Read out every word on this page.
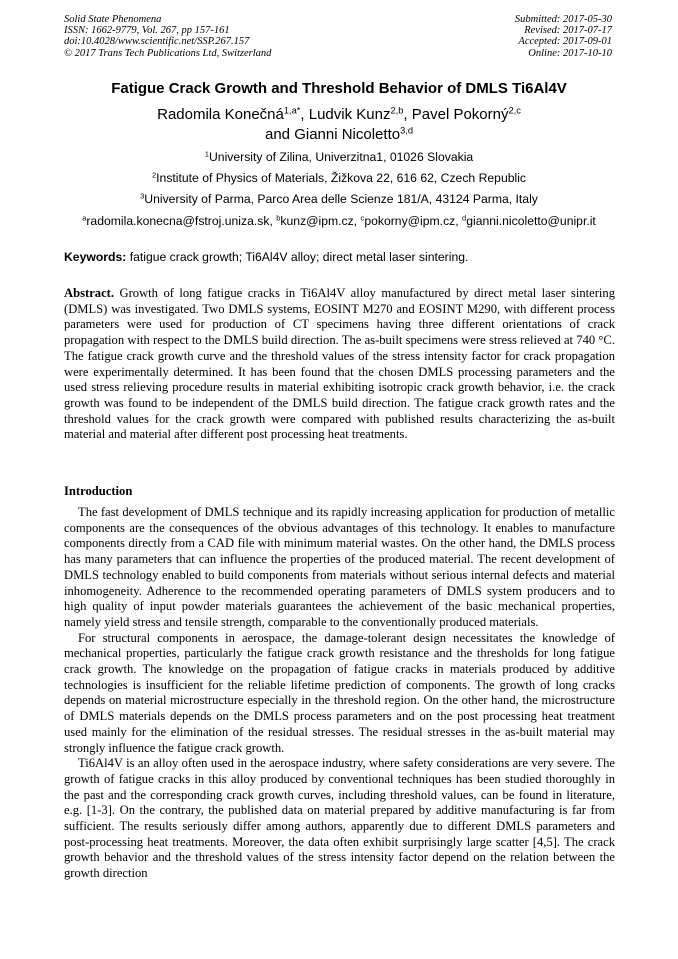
Solid State Phenomena
ISSN: 1662-9779, Vol. 267, pp 157-161
doi:10.4028/www.scientific.net/SSP.267.157
© 2017 Trans Tech Publications Ltd, Switzerland
Submitted: 2017-05-30
Revised: 2017-07-17
Accepted: 2017-09-01
Online: 2017-10-10
Fatigue Crack Growth and Threshold Behavior of DMLS Ti6Al4V
Radomila Konečná$^{1,a*}$, Ludvik Kunz$^{2,b}$, Pavel Pokorný$^{2,c}$
and Gianni Nicoletto$^{3,d}$
$^1$University of Zilina, Univerzitna1, 01026 Slovakia
$^2$Institute of Physics of Materials, Žižkova 22, 616 62, Czech Republic
$^3$University of Parma, Parco Area delle Scienze 181/A, 43124 Parma, Italy
$^a$radomila.konecna@fstroj.uniza.sk, $^b$kunz@ipm.cz, $^c$pokorny@ipm.cz, $^d$gianni.nicoletto@unipr.it
Keywords: fatigue crack growth; Ti6Al4V alloy; direct metal laser sintering.
Abstract. Growth of long fatigue cracks in Ti6Al4V alloy manufactured by direct metal laser sintering (DMLS) was investigated. Two DMLS systems, EOSINT M270 and EOSINT M290, with different process parameters were used for production of CT specimens having three different orientations of crack propagation with respect to the DMLS build direction. The as-built specimens were stress relieved at 740 °C. The fatigue crack growth curve and the threshold values of the stress intensity factor for crack propagation were experimentally determined. It has been found that the chosen DMLS processing parameters and the used stress relieving procedure results in material exhibiting isotropic crack growth behavior, i.e. the crack growth was found to be independent of the DMLS build direction. The fatigue crack growth rates and the threshold values for the crack growth were compared with published results characterizing the as-built material and material after different post processing heat treatments.
Introduction

The fast development of DMLS technique and its rapidly increasing application for production of metallic components are the consequences of the obvious advantages of this technology. It enables to manufacture components directly from a CAD file with minimum material wastes. On the other hand, the DMLS process has many parameters that can influence the properties of the produced material. The recent development of DMLS technology enabled to build components from materials without serious internal defects and material inhomogeneity. Adherence to the recommended operating parameters of DMLS system producers and to high quality of input powder materials guarantees the achievement of the basic mechanical properties, namely yield stress and tensile strength, comparable to the conventionally produced materials.

For structural components in aerospace, the damage-tolerant design necessitates the knowledge of mechanical properties, particularly the fatigue crack growth resistance and the thresholds for long fatigue crack growth. The knowledge on the propagation of fatigue cracks in materials produced by additive technologies is insufficient for the reliable lifetime prediction of components. The growth of long cracks depends on material microstructure especially in the threshold region. On the other hand, the microstructure of DMLS materials depends on the DMLS process parameters and on the post processing heat treatment used mainly for the elimination of the residual stresses. The residual stresses in the as-built material may strongly influence the fatigue crack growth.

Ti6Al4V is an alloy often used in the aerospace industry, where safety considerations are very severe. The growth of fatigue cracks in this alloy produced by conventional techniques has been studied thoroughly in the past and the corresponding crack growth curves, including threshold values, can be found in literature, e.g. [1-3]. On the contrary, the published data on material prepared by additive manufacturing is far from sufficient. The results seriously differ among authors, apparently due to different DMLS parameters and post-processing heat treatments. Moreover, the data often exhibit surprisingly large scatter [4,5]. The crack growth behavior and the threshold values of the stress intensity factor depend on the relation between the growth direction
